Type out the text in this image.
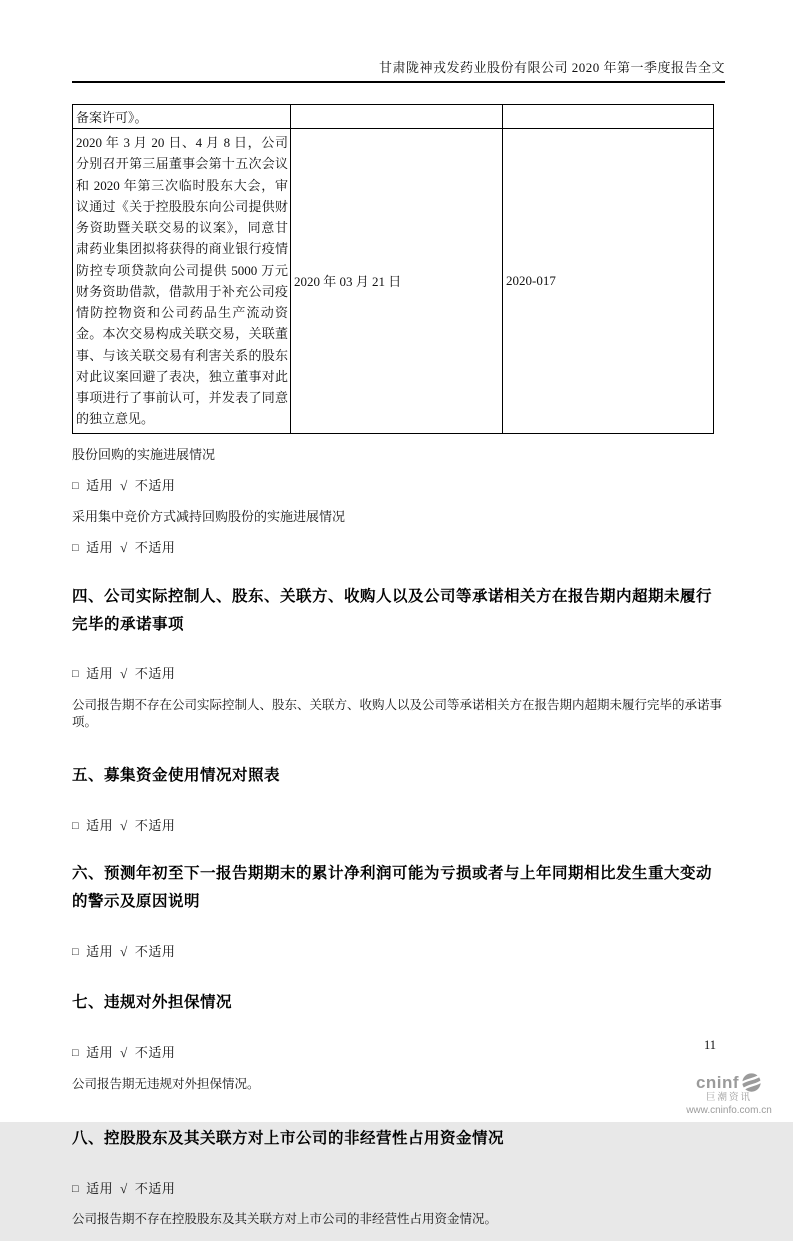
甘肃陇神戎发药业股份有限公司 2020 年第一季度报告全文
备案许可》。		
2020 年 3 月 20 日、4 月 8 日，公司分别召开第三届董事会第十五次会议和 2020 年第三次临时股东大会，审议通过《关于控股股东向公司提供财务资助暨关联交易的议案》，同意甘肃药业集团拟将获得的商业银行疫情防控专项贷款向公司提供 5000 万元财务资助借款，借款用于补充公司疫情防控物资和公司药品生产流动资金。本次交易构成关联交易，关联董事、与该关联交易有利害关系的股东对此议案回避了表决，独立董事对此事项进行了事前认可，并发表了同意的独立意见。	2020 年 03 月 21 日	2020-017

股份回购的实施进展情况

□ 适用 √ 不适用

采用集中竞价方式减持回购股份的实施进展情况

□ 适用 √ 不适用

四、公司实际控制人、股东、关联方、收购人以及公司等承诺相关方在报告期内超期未履行完毕的承诺事项

□ 适用 √ 不适用

公司报告期不存在公司实际控制人、股东、关联方、收购人以及公司等承诺相关方在报告期内超期未履行完毕的承诺事项。

五、募集资金使用情况对照表

□ 适用 √ 不适用

六、预测年初至下一报告期期末的累计净利润可能为亏损或者与上年同期相比发生重大变动的警示及原因说明

□ 适用 √ 不适用

七、违规对外担保情况

□ 适用 √ 不适用

公司报告期无违规对外担保情况。

八、控股股东及其关联方对上市公司的非经营性占用资金情况

□ 适用 √ 不适用

公司报告期不存在控股股东及其关联方对上市公司的非经营性占用资金情况。

11
cninf
巨潮资讯
www.cninfo.com.cn
